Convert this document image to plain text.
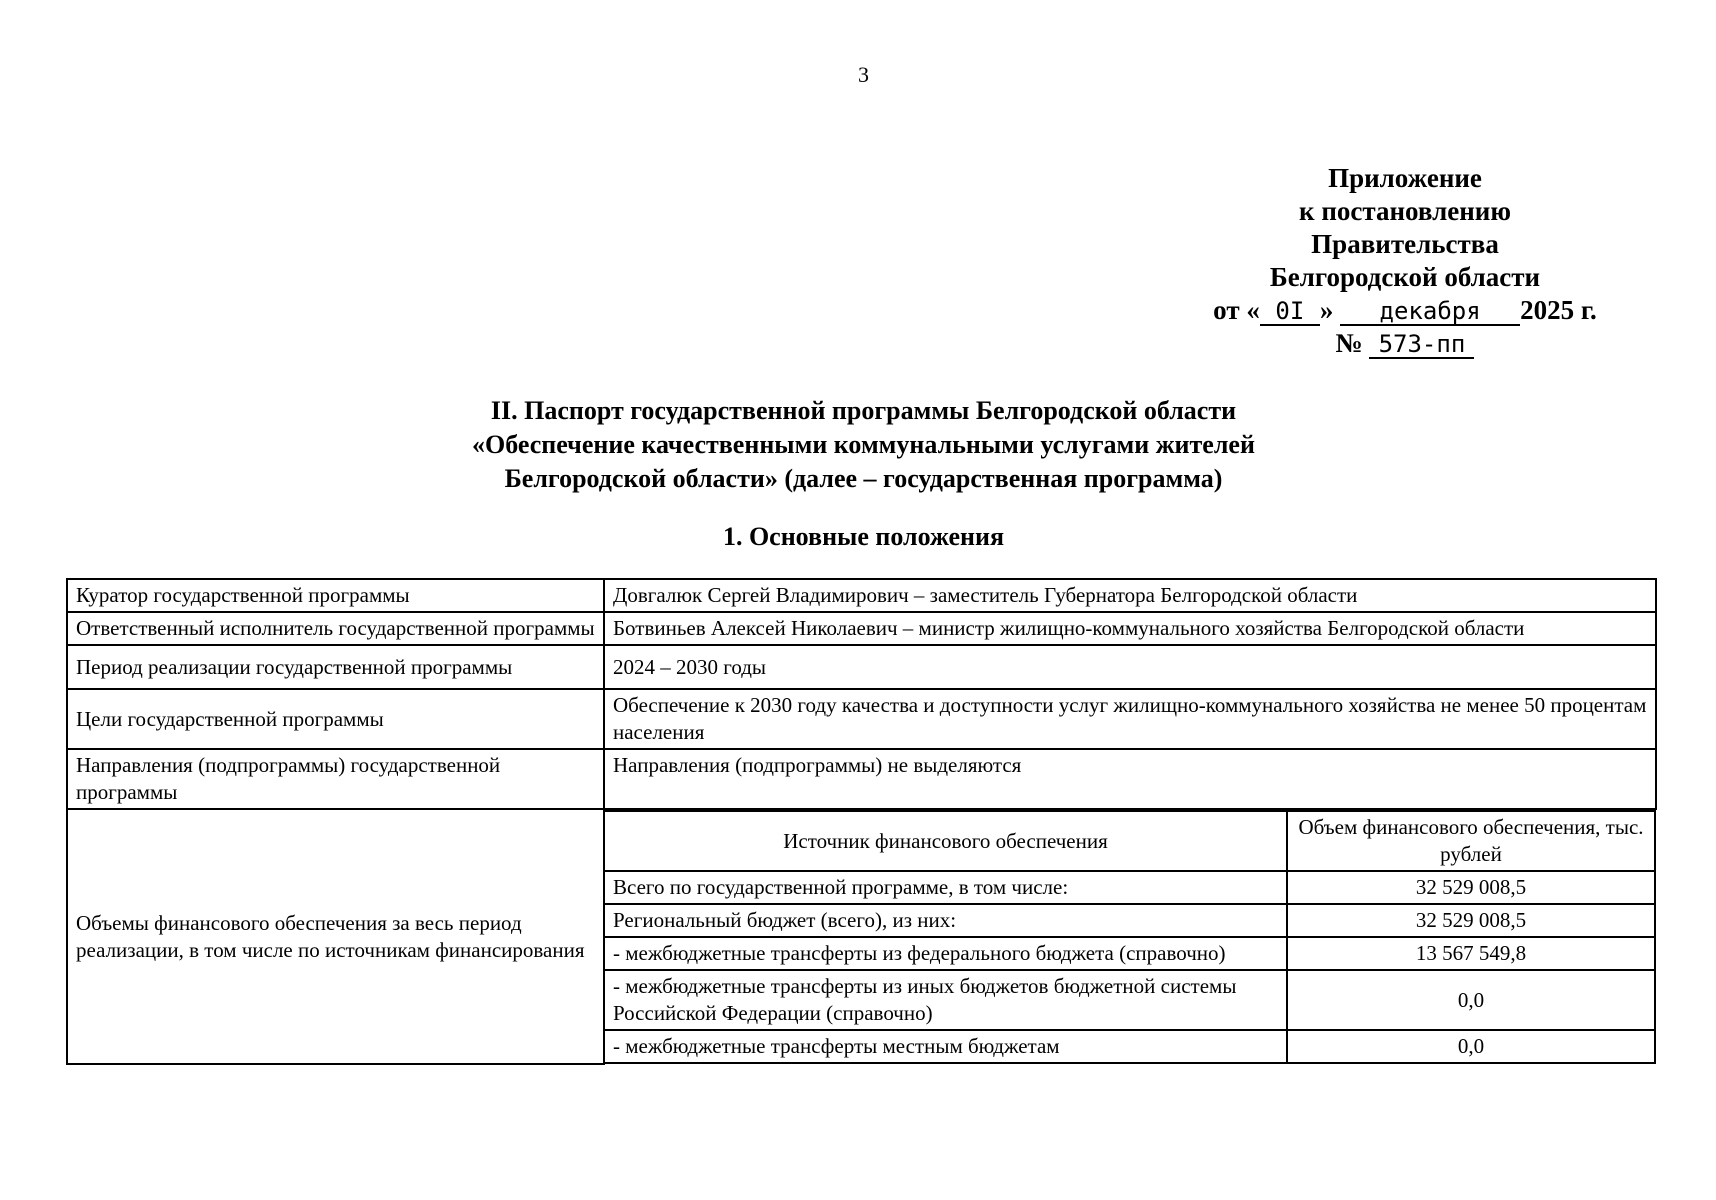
3
Приложение
к постановлению Правительства
Белгородской области
от « 0I » декабря 2025 г.
№ 573-пп
II. Паспорт государственной программы Белгородской области
«Обеспечение качественными коммунальными услугами жителей
Белгородской области» (далее – государственная программа)
1. Основные положения
Куратор государственной программы	Довгалюк Сергей Владимирович – заместитель Губернатора Белгородской области
Ответственный исполнитель государственной программы	Ботвиньев Алексей Николаевич – министр жилищно-коммунального хозяйства Белгородской области
Период реализации государственной программы	2024 – 2030 годы
Цели государственной программы	Обеспечение к 2030 году качества и доступности услуг жилищно-коммунального хозяйства не менее 50 процентам населения
Направления (подпрограммы) государственной программы	Направления (подпрограммы) не выделяются
Объемы финансового обеспечения за весь период реализации, в том числе по источникам финансирования	
Источник финансового обеспечения	Объем финансового обеспечения, тыс. рублей
Всего по государственной программе, в том числе:	32 529 008,5
Региональный бюджет (всего), из них:	32 529 008,5
- межбюджетные трансферты из федерального бюджета (справочно)	13 567 549,8
- межбюджетные трансферты из иных бюджетов бюджетной системы Российской Федерации (справочно)	0,0
- межбюджетные трансферты местным бюджетам	0,0
